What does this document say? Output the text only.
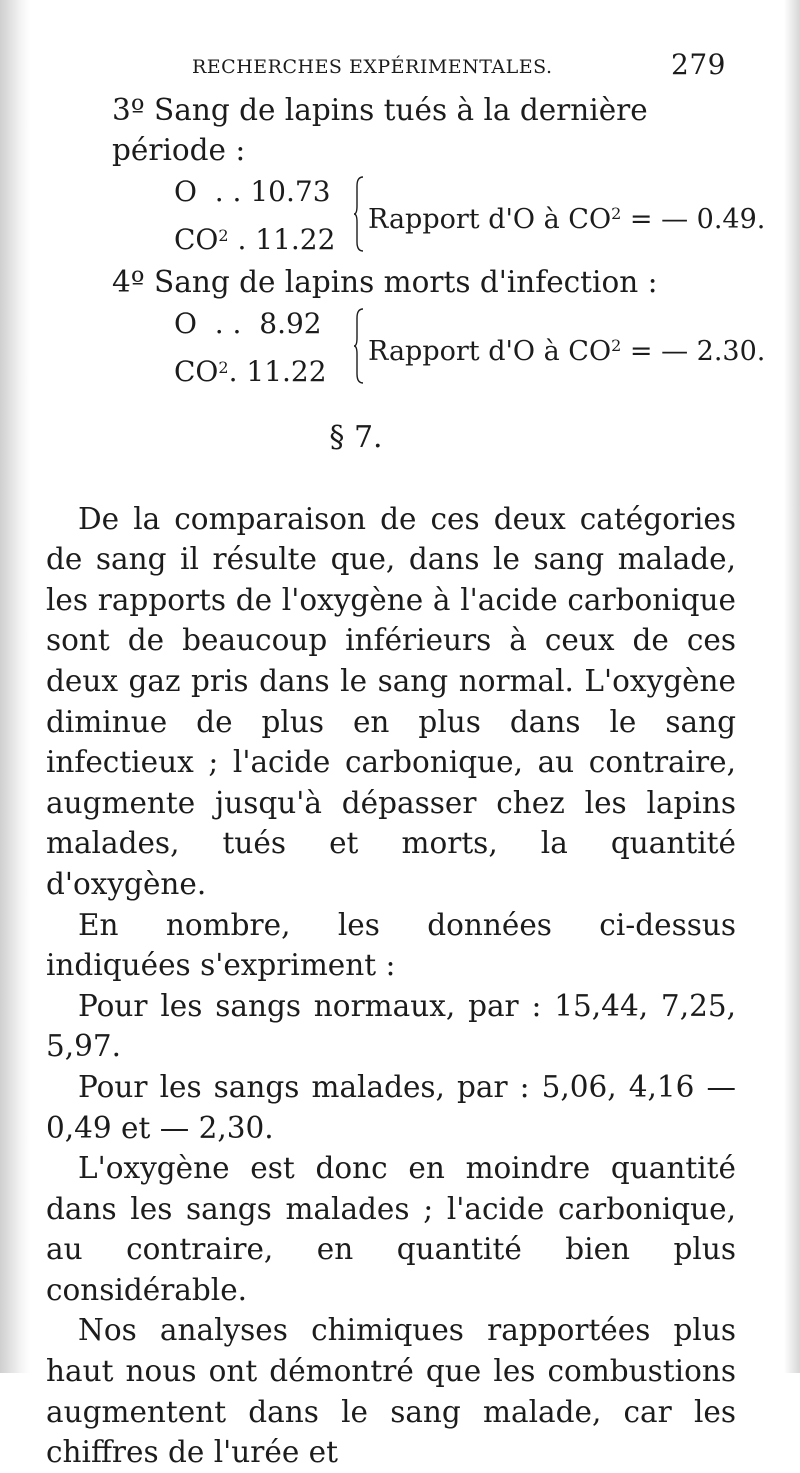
RECHERCHES EXPÉRIMENTALES.	279

3º Sang de lapins tués à la dernière période :

O  . . 10.73
$CO^2$ . 11.22
Rapport d'O à $CO^2$ = — 0.49.

4º Sang de lapins morts d'infection :

O  . .  8.92
$CO^2$. 11.22
Rapport d'O à $CO^2$ = — 2.30.
§ 7.

De la comparaison de ces deux catégories de sang il résulte que, dans le sang malade, les rapports de l'oxygène à l'acide carbonique sont de beaucoup inférieurs à ceux de ces deux gaz pris dans le sang normal. L'oxygène diminue de plus en plus dans le sang infectieux ; l'acide carbonique, au contraire, augmente jusqu'à dépasser chez les lapins malades, tués et morts, la quantité d'oxygène.

En nombre, les données ci-dessus indiquées s'expriment :

Pour les sangs normaux, par : 15,44, 7,25, 5,97.

Pour les sangs malades, par : 5,06, 4,16 — 0,49 et — 2,30.

L'oxygène est donc en moindre quantité dans les sangs malades ; l'acide carbonique, au contraire, en quantité bien plus considérable.

Nos analyses chimiques rapportées plus haut nous ont démontré que les combustions augmentent dans le sang malade, car les chiffres de l'urée et
